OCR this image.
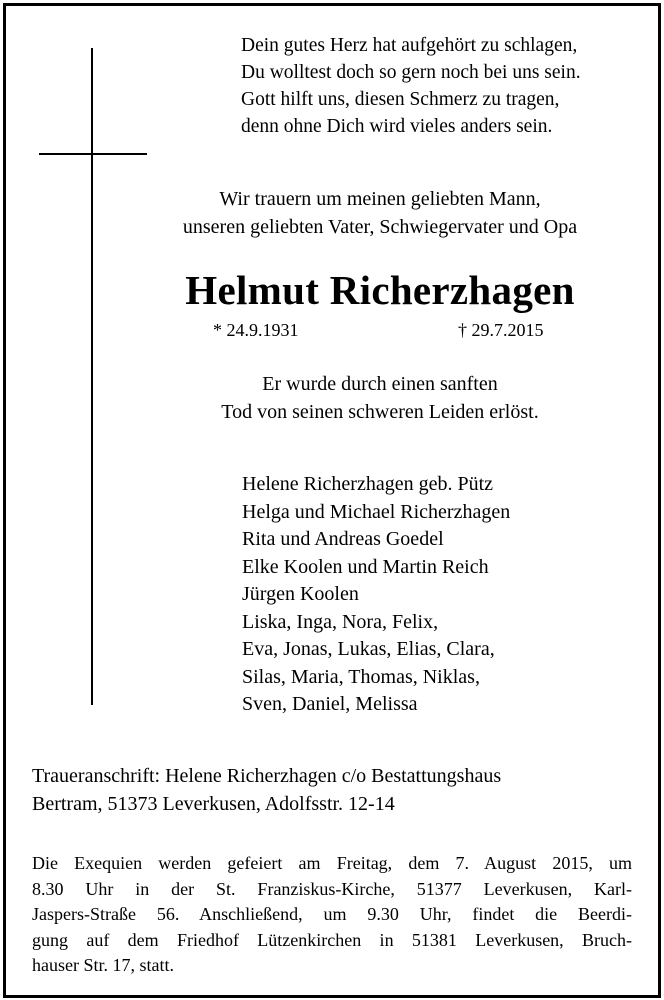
Dein gutes Herz hat aufgehört zu schlagen,
Du wolltest doch so gern noch bei uns sein.
Gott hilft uns, diesen Schmerz zu tragen,
denn ohne Dich wird vieles anders sein.
Wir trauern um meinen geliebten Mann,
unseren geliebten Vater, Schwiegervater und Opa
Helmut Richerzhagen
* 24.9.1931	† 29.7.2015
Er wurde durch einen sanften
Tod von seinen schweren Leiden erlöst.
Helene Richerzhagen geb. Pütz
Helga und Michael Richerzhagen
Rita und Andreas Goedel
Elke Koolen und Martin Reich
Jürgen Koolen
Liska, Inga, Nora, Felix,
Eva, Jonas, Lukas, Elias, Clara,
Silas, Maria, Thomas, Niklas,
Sven, Daniel, Melissa
Traueranschrift: Helene Richerzhagen c/o Bestattungshaus
Bertram, 51373 Leverkusen, Adolfsstr. 12-14
Die Exequien werden gefeiert am Freitag, dem 7. August 2015, um
8.30 Uhr in der St. Franziskus-Kirche, 51377 Leverkusen, Karl-
Jaspers-Straße 56. Anschließend, um 9.30 Uhr, findet die Beerdi-
gung auf dem Friedhof Lützenkirchen in 51381 Leverkusen, Bruch-
hauser Str. 17, statt.
